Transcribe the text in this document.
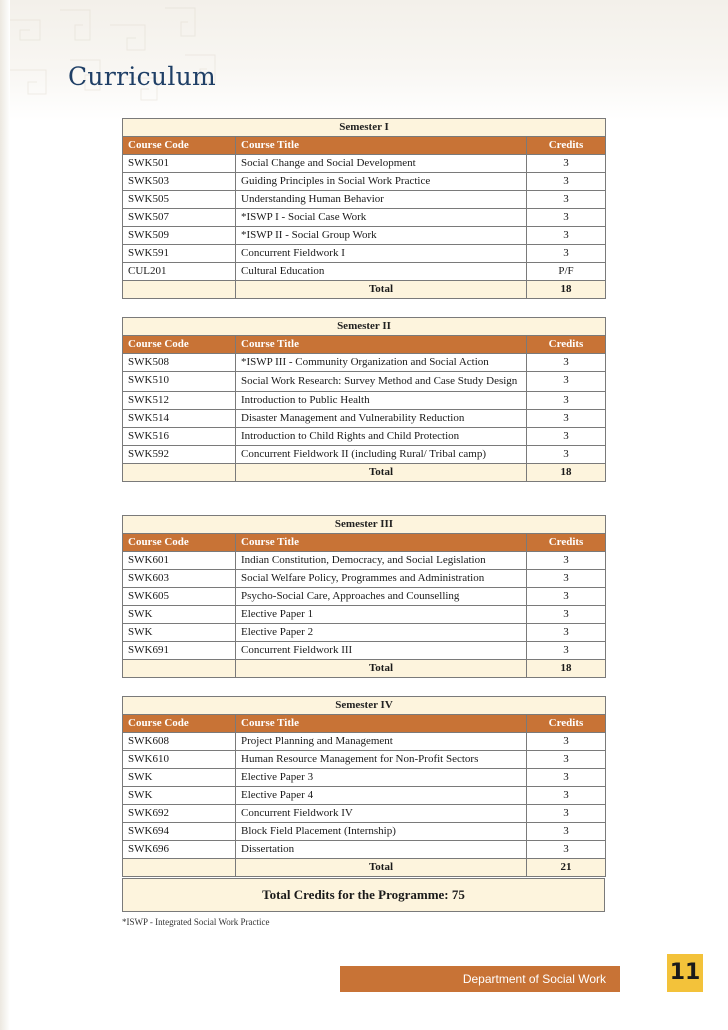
Curriculum
Semester I		
Course Code	Course Title	Credits
SWK501	Social Change and Social Development	3
SWK503	Guiding Principles in Social Work Practice	3
SWK505	Understanding Human Behavior	3
SWK507	*ISWP I - Social Case Work	3
SWK509	*ISWP II - Social Group Work	3
SWK591	Concurrent Fieldwork I	3
CUL201	Cultural Education	P/F
	Total	18
Semester II		
Course Code	Course Title	Credits
SWK508	*ISWP III - Community Organization and Social Action	3
SWK510	Social Work Research: Survey Method and Case Study Design	3
SWK512	Introduction to Public Health	3
SWK514	Disaster Management and Vulnerability Reduction	3
SWK516	Introduction to Child Rights and Child Protection	3
SWK592	Concurrent Fieldwork II (including Rural/ Tribal camp)	3
	Total	18
Semester III		
Course Code	Course Title	Credits
SWK601	Indian Constitution, Democracy, and Social Legislation	3
SWK603	Social Welfare Policy, Programmes and Administration	3
SWK605	Psycho-Social Care, Approaches and Counselling	3
SWK	Elective Paper 1	3
SWK	Elective Paper 2	3
SWK691	Concurrent Fieldwork III	3
	Total	18
Semester IV		
Course Code	Course Title	Credits
SWK608	Project Planning and Management	3
SWK610	Human Resource Management for Non-Profit Sectors	3
SWK	Elective Paper 3	3
SWK	Elective Paper 4	3
SWK692	Concurrent Fieldwork IV	3
SWK694	Block Field Placement (Internship)	3
SWK696	Dissertation	3
	Total	21
Total Credits for the Programme: 75
*ISWP - Integrated Social Work Practice
Department of Social Work	11
